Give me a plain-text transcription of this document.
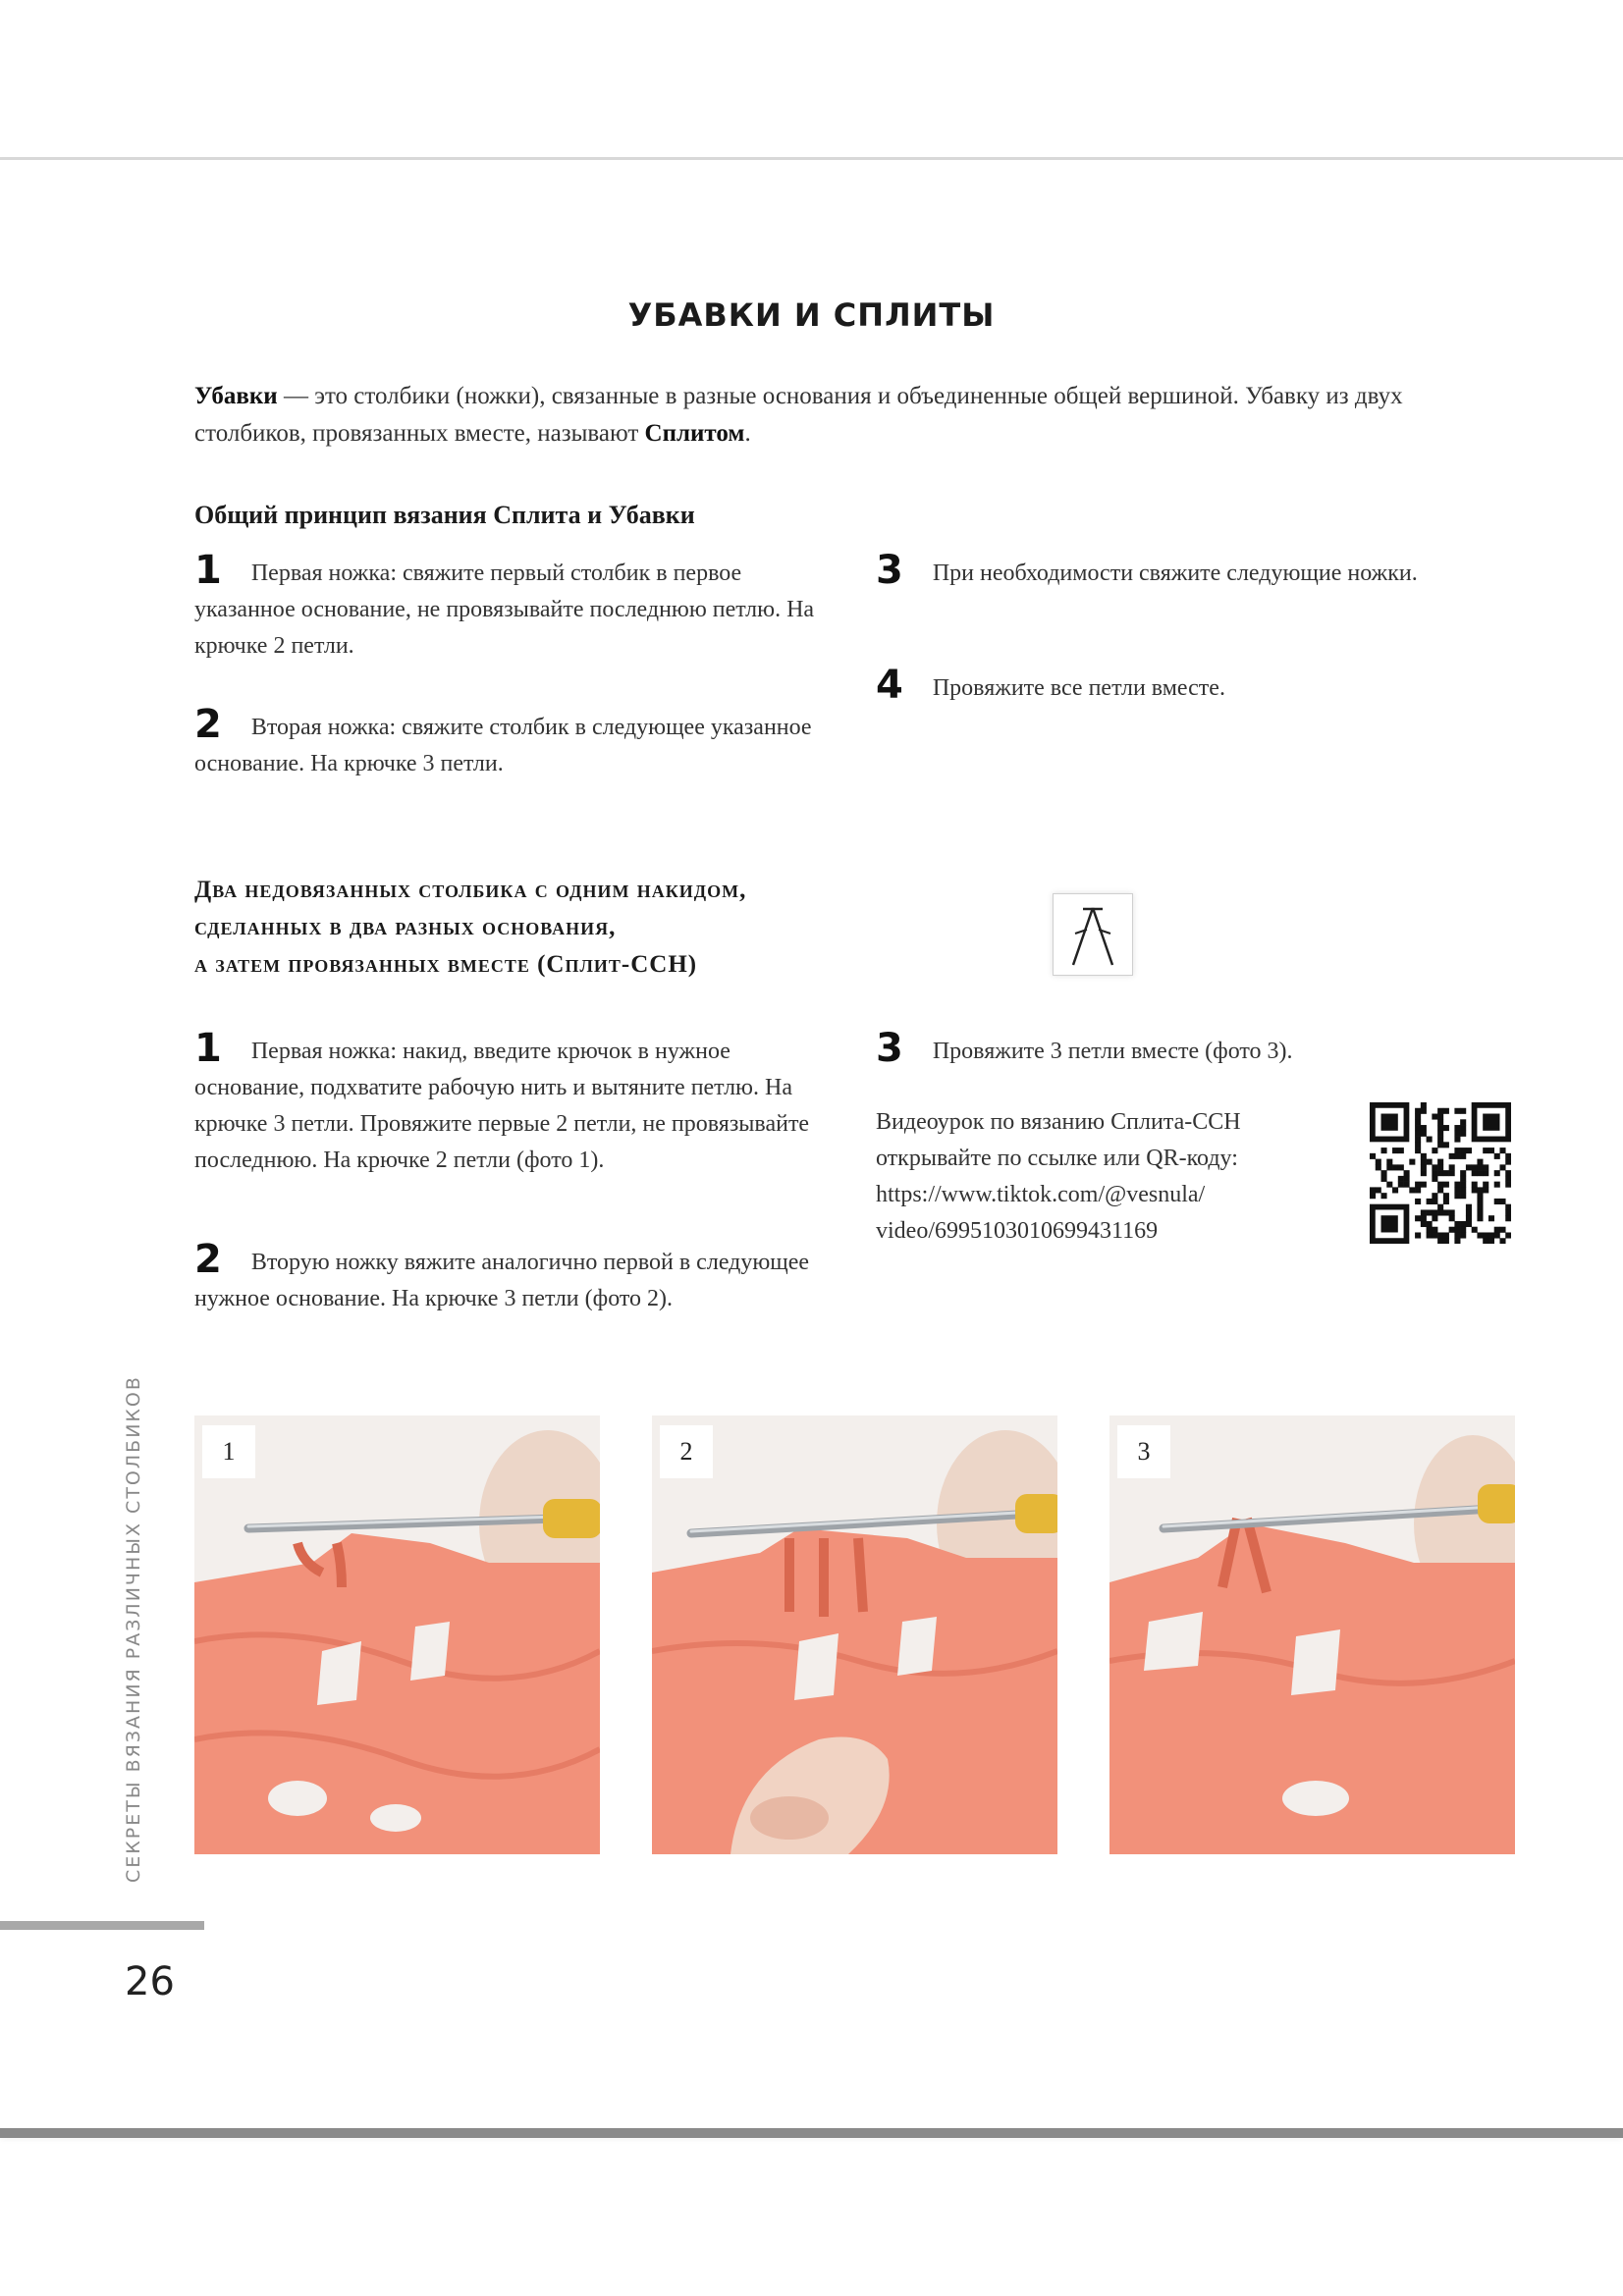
УБАВКИ И СПЛИТЫ
Убавки — это столбики (ножки), связанные в разные основания и объединенные общей вершиной. Убавку из двух столбиков, провязанных вместе, называют Сплитом.
Общий принцип вязания Сплита и Убавки
1 Первая ножка: свяжите первый столбик в первое указанное основание, не провязывайте последнюю петлю. На крючке 2 петли.
2 Вторая ножка: свяжите столбик в следующее указанное основание. На крючке 3 петли.
3 При необходимости свяжите следующие ножки.
4 Провяжите все петли вместе.
Два недовязанных столбика с одним накидом,
сделанных в два разных основания,
а затем провязанных вместе (Сплит-ССН)
1 Первая ножка: накид, введите крючок в нужное основание, подхватите рабочую нить и вытяните петлю. На крючке 3 петли. Провяжите первые 2 петли, не провязывайте последнюю. На крючке 2 петли (фото 1).
2 Вторую ножку вяжите аналогично первой в следующее нужное основание. На крючке 3 петли (фото 2).
3 Провяжите 3 петли вместе (фото 3).
Видеоурок по вязанию Сплита-ССН
открывайте по ссылке или QR-коду:
https://www.tiktok.com/@vesnula/
video/6995103010699431169
1	2	3
СЕКРЕТЫ ВЯЗАНИЯ РАЗЛИЧНЫХ СТОЛБИКОВ
26
